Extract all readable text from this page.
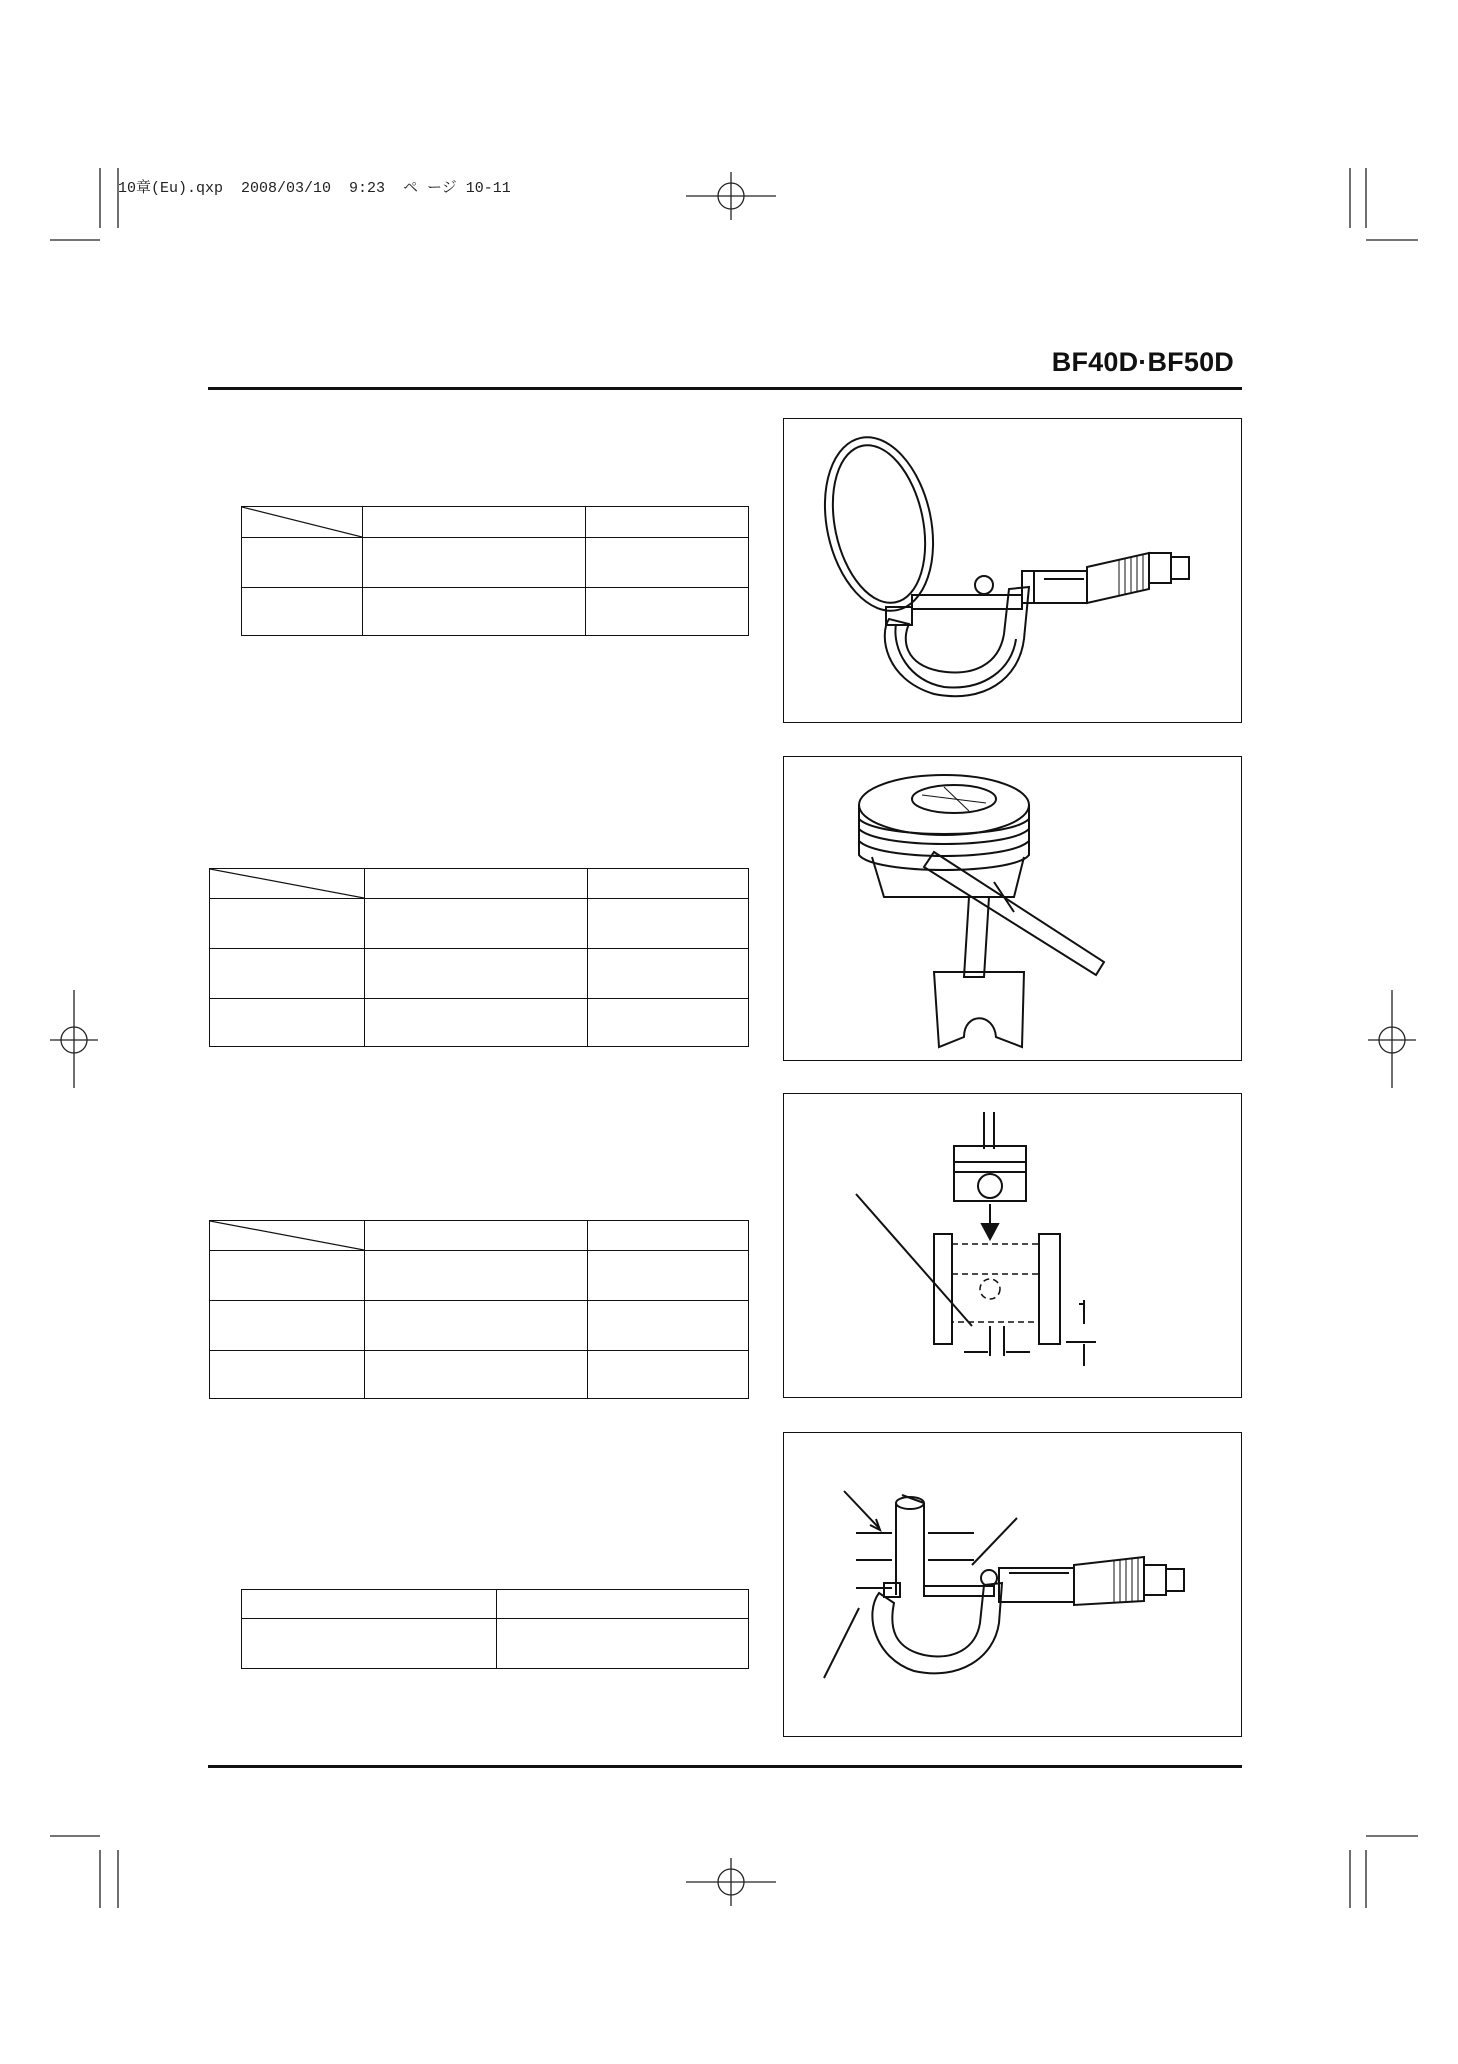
10章(Eu).qxp  2008/03/10  9:23  ペ ージ 10-11
BF40D·BF50D
